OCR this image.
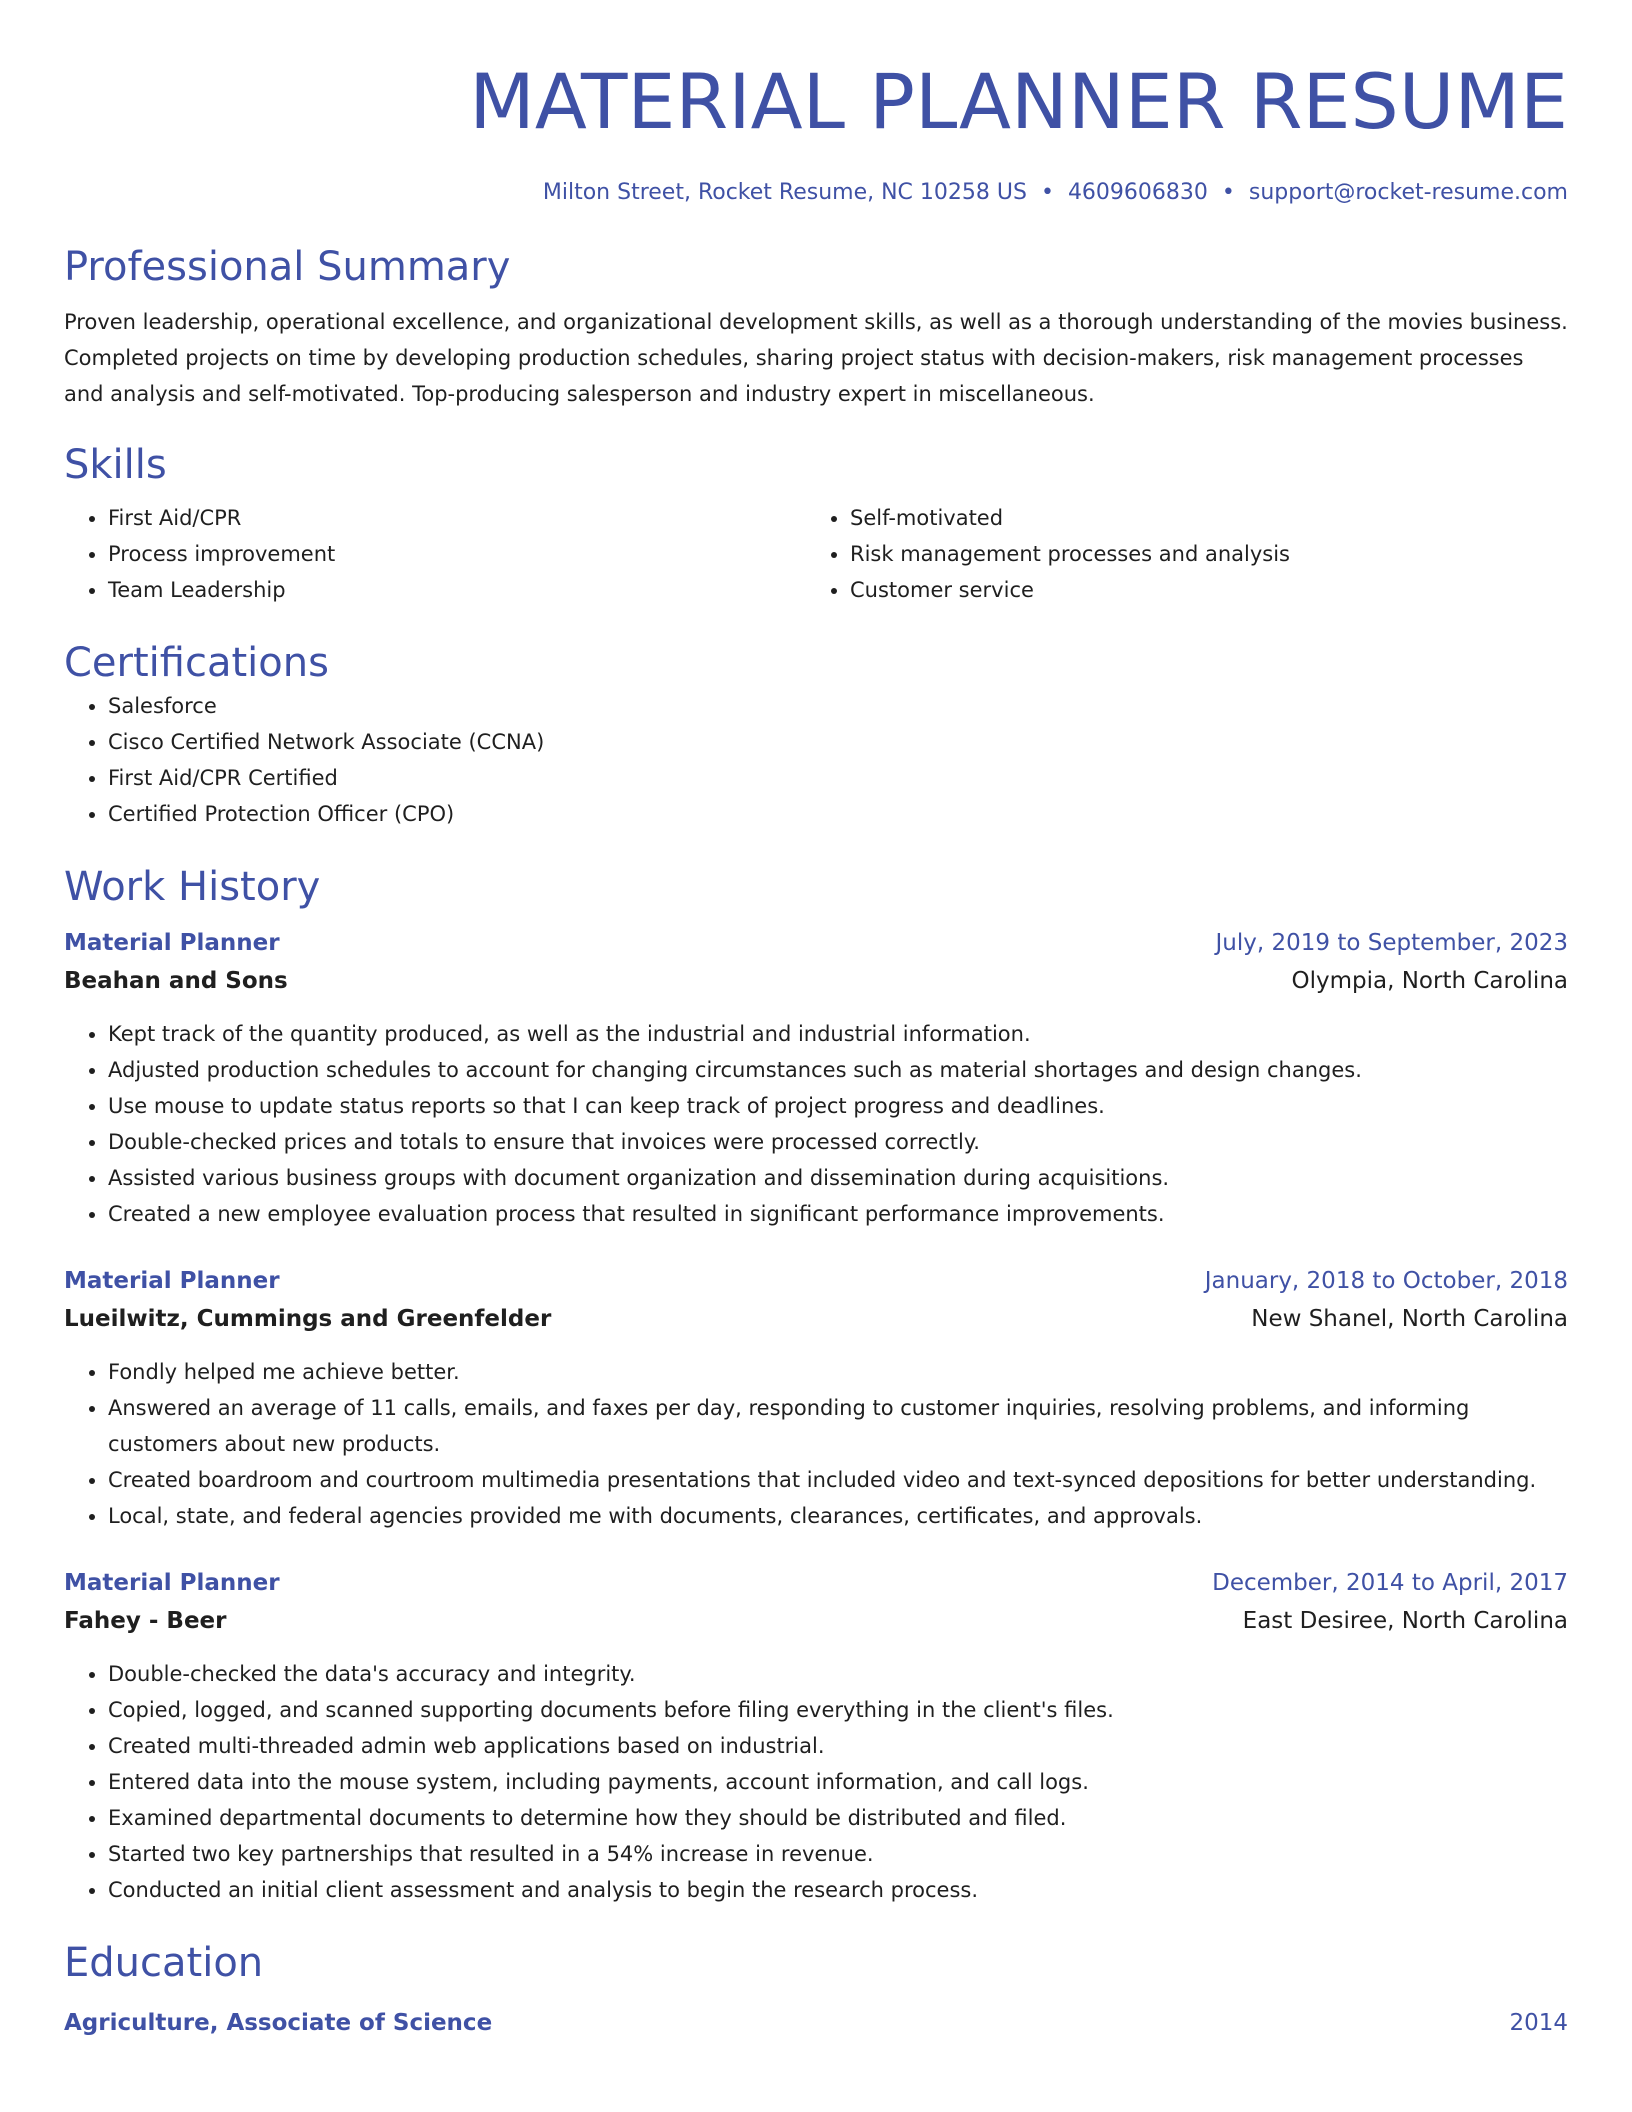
MATERIAL PLANNER RESUME
Milton Street, Rocket Resume, NC 10258 US • 4609606830 • support@rocket-resume.com
Professional Summary
Proven leadership, operational excellence, and organizational development skills, as well as a thorough understanding of the movies business. Completed projects on time by developing production schedules, sharing project status with decision-makers, risk management processes and analysis and self-motivated. Top-producing salesperson and industry expert in miscellaneous.
Skills
• First Aid/CPR
• Process improvement
• Team Leadership
• Self-motivated
• Risk management processes and analysis
• Customer service
Certifications
• Salesforce
• Cisco Certified Network Associate (CCNA)
• First Aid/CPR Certified
• Certified Protection Officer (CPO)
Work History
Material Planner	July, 2019 to September, 2023
Beahan and Sons	Olympia, North Carolina
• Kept track of the quantity produced, as well as the industrial and industrial information.
• Adjusted production schedules to account for changing circumstances such as material shortages and design changes.
• Use mouse to update status reports so that I can keep track of project progress and deadlines.
• Double-checked prices and totals to ensure that invoices were processed correctly.
• Assisted various business groups with document organization and dissemination during acquisitions.
• Created a new employee evaluation process that resulted in significant performance improvements.
Material Planner	January, 2018 to October, 2018
Lueilwitz, Cummings and Greenfelder	New Shanel, North Carolina
• Fondly helped me achieve better.
• Answered an average of 11 calls, emails, and faxes per day, responding to customer inquiries, resolving problems, and informing customers about new products.
• Created boardroom and courtroom multimedia presentations that included video and text-synced depositions for better understanding.
• Local, state, and federal agencies provided me with documents, clearances, certificates, and approvals.
Material Planner	December, 2014 to April, 2017
Fahey - Beer	East Desiree, North Carolina
• Double-checked the data's accuracy and integrity.
• Copied, logged, and scanned supporting documents before filing everything in the client's files.
• Created multi-threaded admin web applications based on industrial.
• Entered data into the mouse system, including payments, account information, and call logs.
• Examined departmental documents to determine how they should be distributed and filed.
• Started two key partnerships that resulted in a 54% increase in revenue.
• Conducted an initial client assessment and analysis to begin the research process.
Education
Agriculture, Associate of Science	2014
